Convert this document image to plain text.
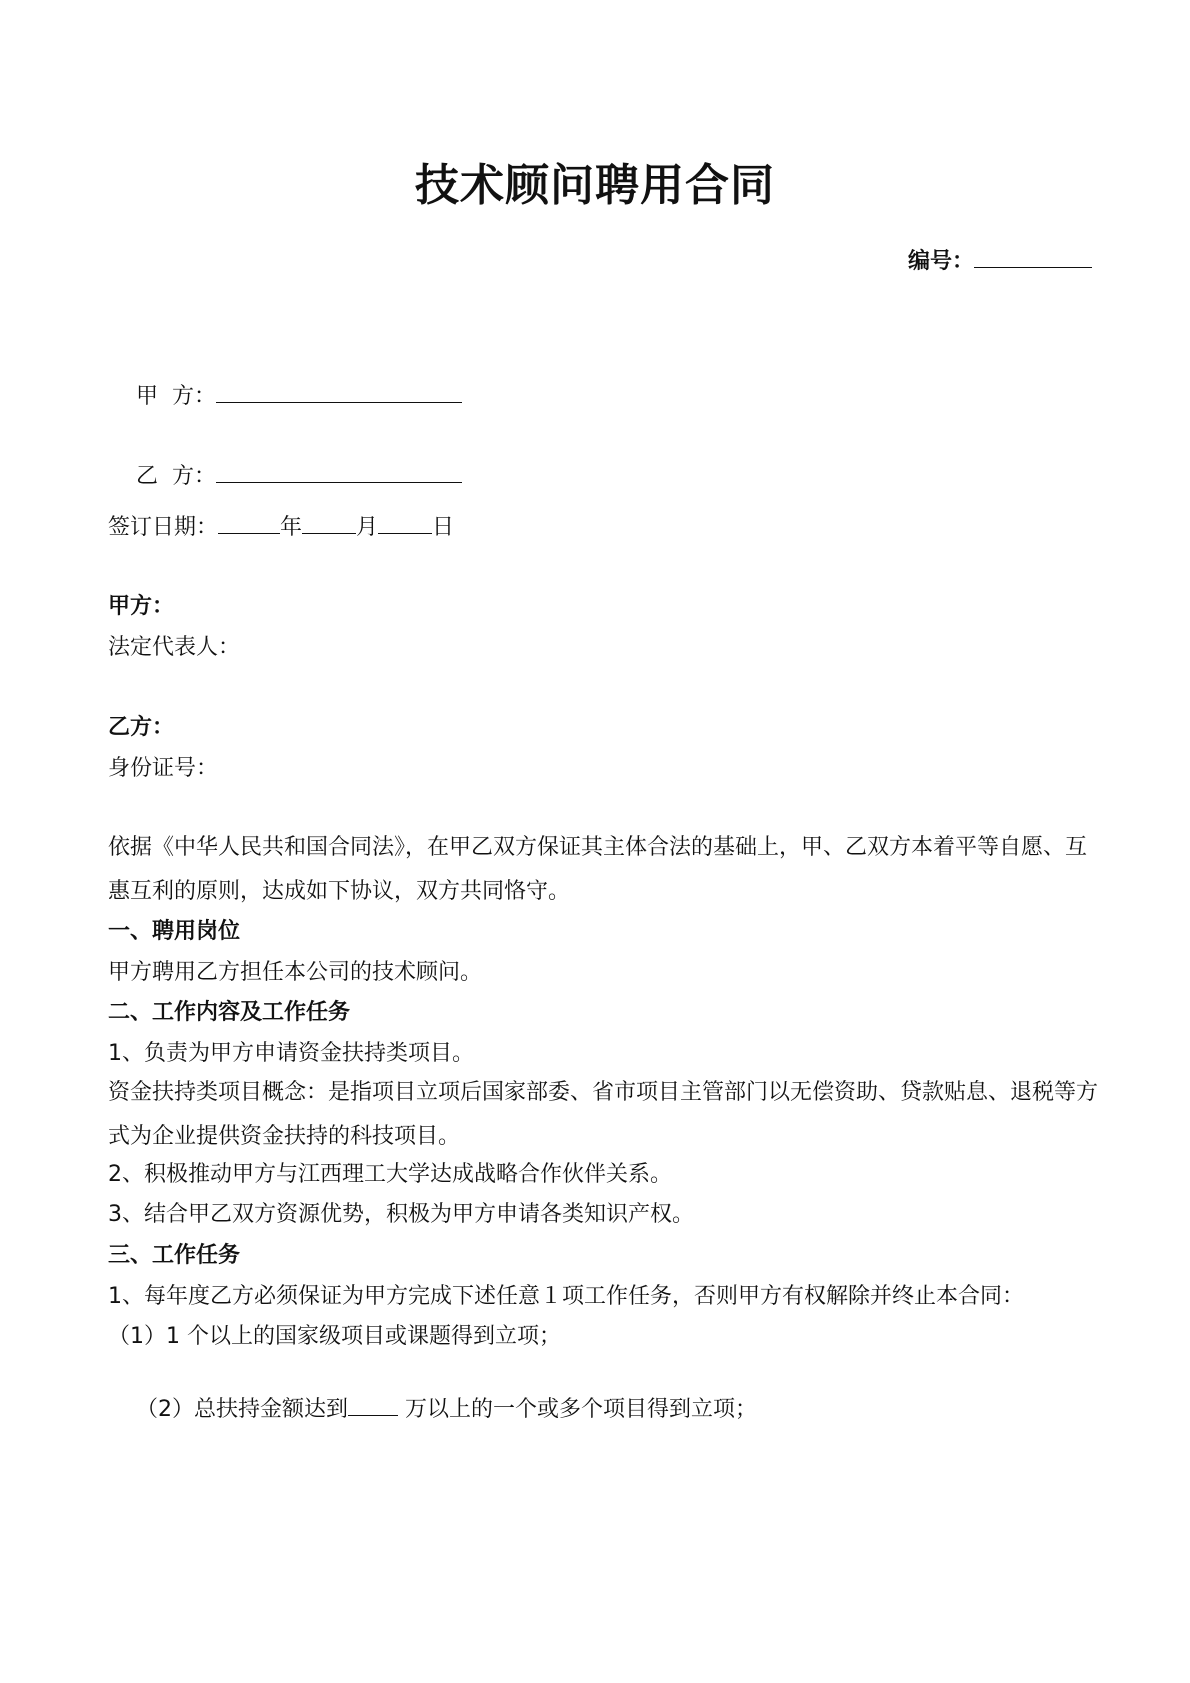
技术顾问聘用合同
编号：

甲  方：

乙  方：

签订日期：	年 月 日
甲方：
法定代表人：
乙方：
身份证号：
依据《中华人民共和国合同法》，在甲乙双方保证其主体合法的基础上，甲、乙双方本着平等自愿、互惠互利的原则，达成如下协议，双方共同恪守。
一、聘用岗位
甲方聘用乙方担任本公司的技术顾问。
二、工作内容及工作任务
1、负责为甲方申请资金扶持类项目。
资金扶持类项目概念：是指项目立项后国家部委、省市项目主管部门以无偿资助、贷款贴息、退税等方式为企业提供资金扶持的科技项目。
2、积极推动甲方与江西理工大学达成战略合作伙伴关系。
3、结合甲乙双方资源优势，积极为甲方申请各类知识产权。
三、工作任务
1、每年度乙方必须保证为甲方完成下述任意１项工作任务，否则甲方有权解除并终止本合同：
（1）1 个以上的国家级项目或课题得到立项；

（2）总扶持金额达到 万以上的一个或多个项目得到立项；
